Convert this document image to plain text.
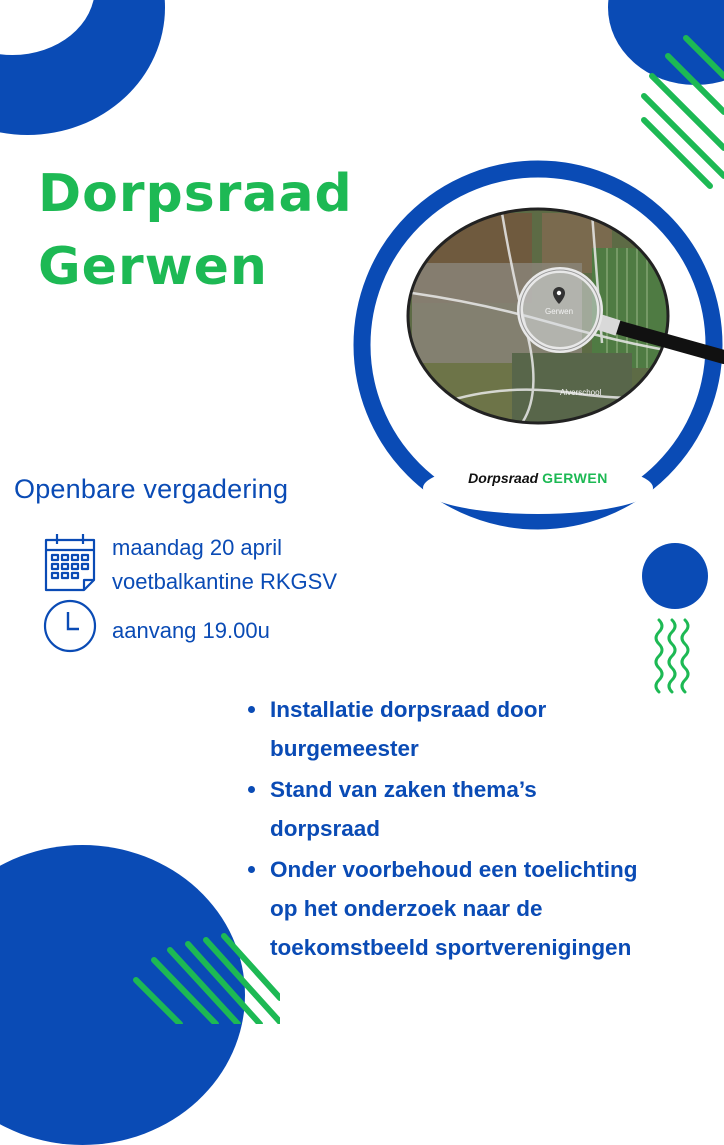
Gerwen
Alverschool
Dorpsraad GERWEN
Dorpsraad
Gerwen
Openbare vergadering
maandag 20 april
voetbalkantine RKGSV
aanvang 19.00u
Installatie dorpsraad door
burgemeester
Stand van zaken thema’s
dorpsraad
Onder voorbehoud een toelichting
op het onderzoek naar de
toekomstbeeld sportverenigingen
